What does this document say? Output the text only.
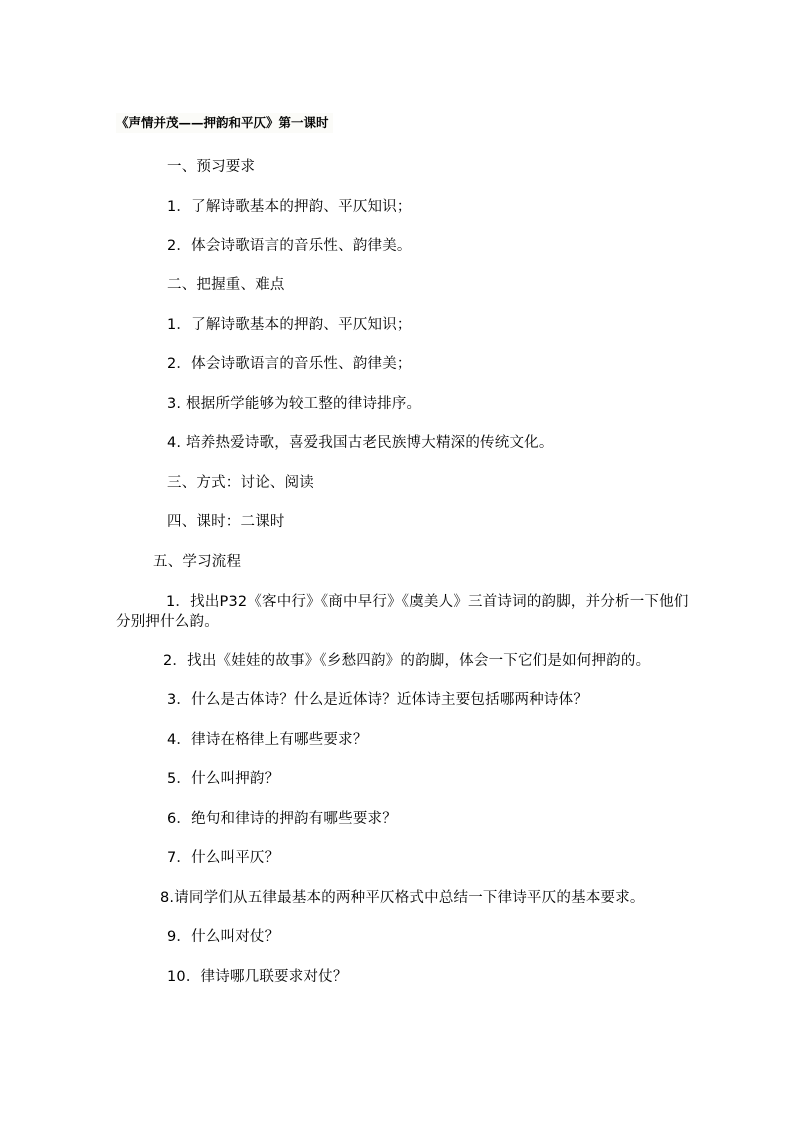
《声情并茂——押韵和平仄》第一课时
一、预习要求
1．了解诗歌基本的押韵、平仄知识；
2．体会诗歌语言的音乐性、韵律美。
二、把握重、难点
1．了解诗歌基本的押韵、平仄知识；
2．体会诗歌语言的音乐性、韵律美；
3. 根据所学能够为较工整的律诗排序。
4. 培养热爱诗歌，喜爱我国古老民族博大精深的传统文化。
三、方式：讨论、阅读
四、课时：二课时
五、学习流程
1．找出P32《客中行》《商中早行》《虞美人》三首诗词的韵脚，并分析一下他们分别押什么韵。
2．找出《娃娃的故事》《乡愁四韵》的韵脚，体会一下它们是如何押韵的。
3．什么是古体诗？什么是近体诗？近体诗主要包括哪两种诗体？
4．律诗在格律上有哪些要求？
5．什么叫押韵？
6．绝句和律诗的押韵有哪些要求？
7．什么叫平仄？
8.请同学们从五律最基本的两种平仄格式中总结一下律诗平仄的基本要求。
9．什么叫对仗？
10．律诗哪几联要求对仗？
